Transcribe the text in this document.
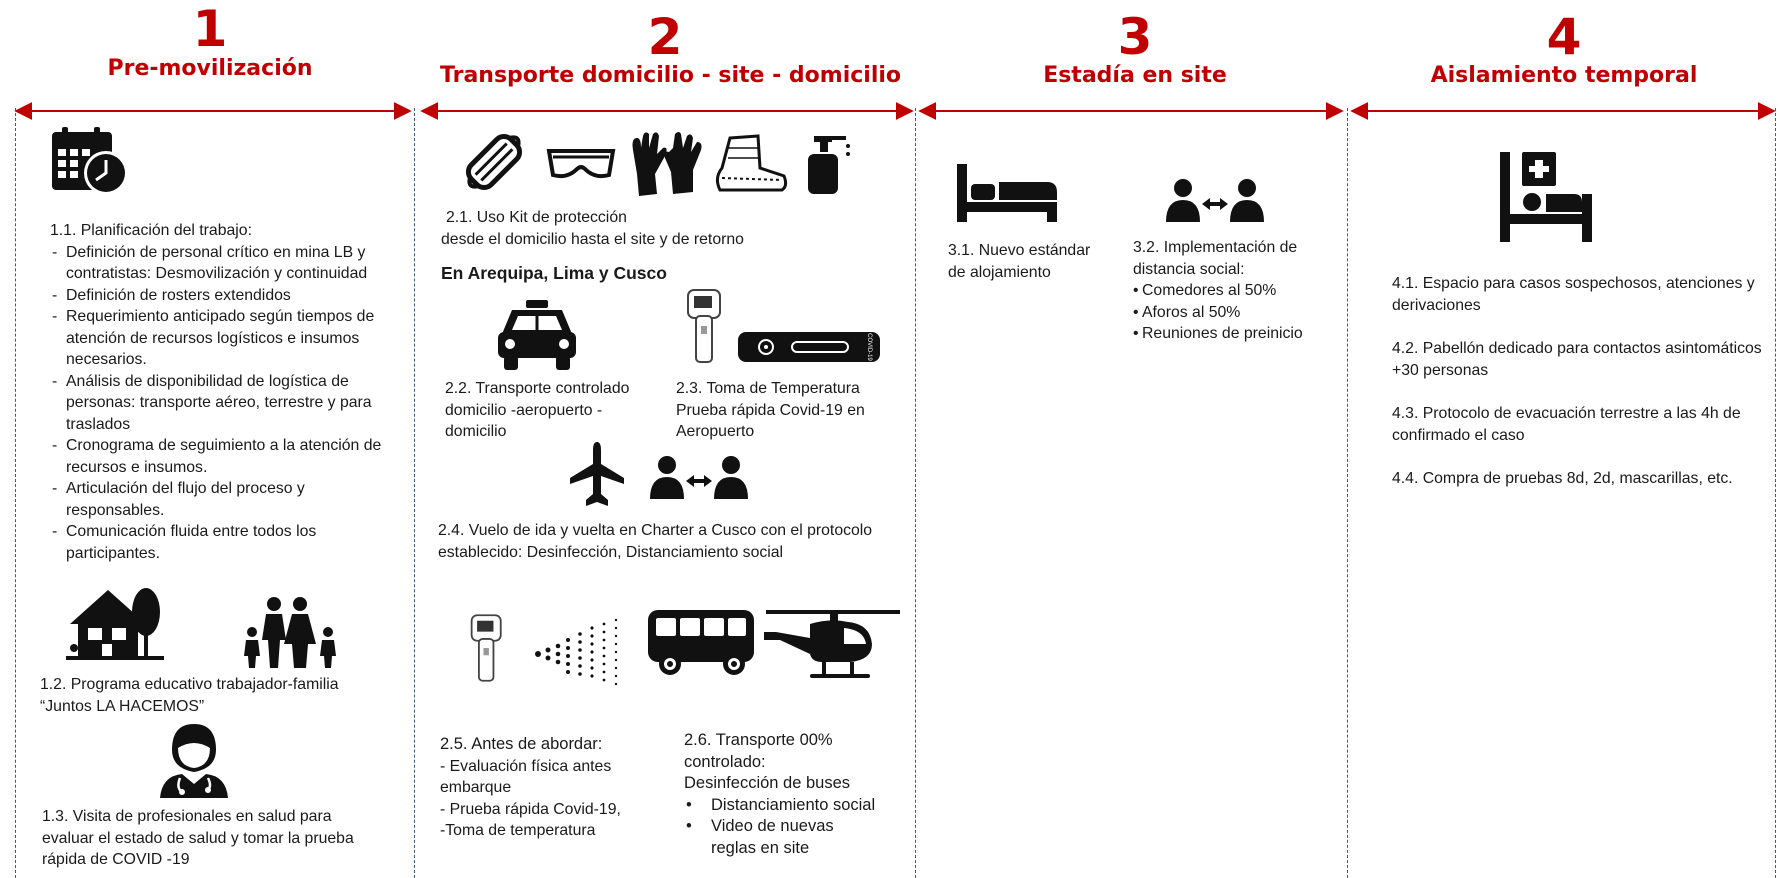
1
Pre-movilización
2
Transporte domicilio - site - domicilio
3
Estadía en site
4
Aislamiento temporal

1.1. Planificación del trabajo:

- Definición de personal crítico en mina LB y contratistas: Desmovilización y continuidad
- Definición de rosters extendidos
- Requerimiento anticipado según tiempos de atención de recursos logísticos e insumos necesarios.
- Análisis de disponibilidad de logística de personas: transporte aéreo, terrestre y para traslados
- Cronograma de seguimiento a la atención de recursos e insumos.
- Articulación del flujo del proceso y responsables.
- Comunicación fluida entre todos los participantes.

1.2. Programa educativo trabajador-familia

“Juntos LA HACEMOS”

1.3. Visita de profesionales en salud para evaluar el estado de salud y tomar la prueba rápida de COVID -19

2.1. Uso Kit de protección

desde el domicilio hasta el site y de retorno

En Arequipa, Lima y Cusco
COVID-19

2.2. Transporte controlado domicilio -aeropuerto - domicilio

2.3. Toma de Temperatura Prueba rápida Covid-19 en Aeropuerto

2.4. Vuelo de ida y vuelta en Charter a Cusco con el protocolo establecido: Desinfección, Distanciamiento social

2.5. Antes de abordar:

- Evaluación física antes embarque

- Prueba rápida Covid-19,

-Toma de temperatura

2.6. Transporte 00% controlado:

Desinfección de buses

• Distanciamiento social
• Video de nuevas reglas en site

3.1. Nuevo estándar de alojamiento

3.2. Implementación de distancia social:

• Comedores al 50%
• Aforos al 50%
• Reuniones de preinicio

4.1. Espacio para casos sospechosos, atenciones y derivaciones

4.2. Pabellón dedicado para contactos asintomáticos +30 personas

4.3. Protocolo de evacuación terrestre a las 4h de confirmado el caso

4.4. Compra de pruebas 8d, 2d, mascarillas, etc.
